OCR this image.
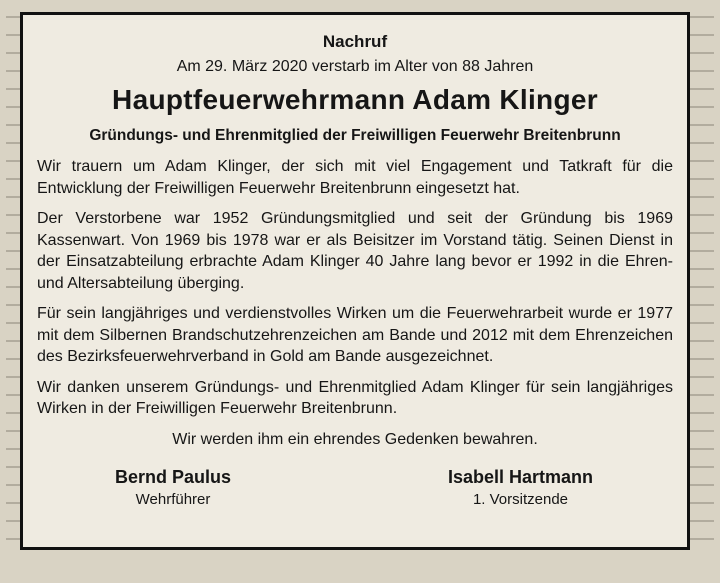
Nachruf

Am 29. März 2020 verstarb im Alter von 88 Jahren

Hauptfeuerwehrmann Adam Klinger

Gründungs- und Ehrenmitglied der Freiwilligen Feuerwehr Breitenbrunn

Wir trauern um Adam Klinger, der sich mit viel Engagement und Tatkraft für die Entwicklung der Freiwilligen Feuerwehr Breitenbrunn eingesetzt hat.

Der Verstorbene war 1952 Gründungsmitglied und seit der Gründung bis 1969 Kassenwart. Von 1969 bis 1978 war er als Beisitzer im Vorstand tätig. Seinen Dienst in der Einsatzabteilung erbrachte Adam Klinger 40 Jahre lang bevor er 1992 in die Ehren- und Altersabteilung überging.

Für sein langjähriges und verdienstvolles Wirken um die Feuerwehrarbeit wurde er 1977 mit dem Silbernen Brandschutzehrenzeichen am Bande und 2012 mit dem Ehrenzeichen des Bezirksfeuerwehrverband in Gold am Bande ausgezeichnet.

Wir danken unserem Gründungs- und Ehrenmitglied Adam Klinger für sein langjähriges Wirken in der Freiwilligen Feuerwehr Breitenbrunn.

Wir werden ihm ein ehrendes Gedenken bewahren.

Bernd Paulus
Wehrführer
Isabell Hartmann
1. Vorsitzende
